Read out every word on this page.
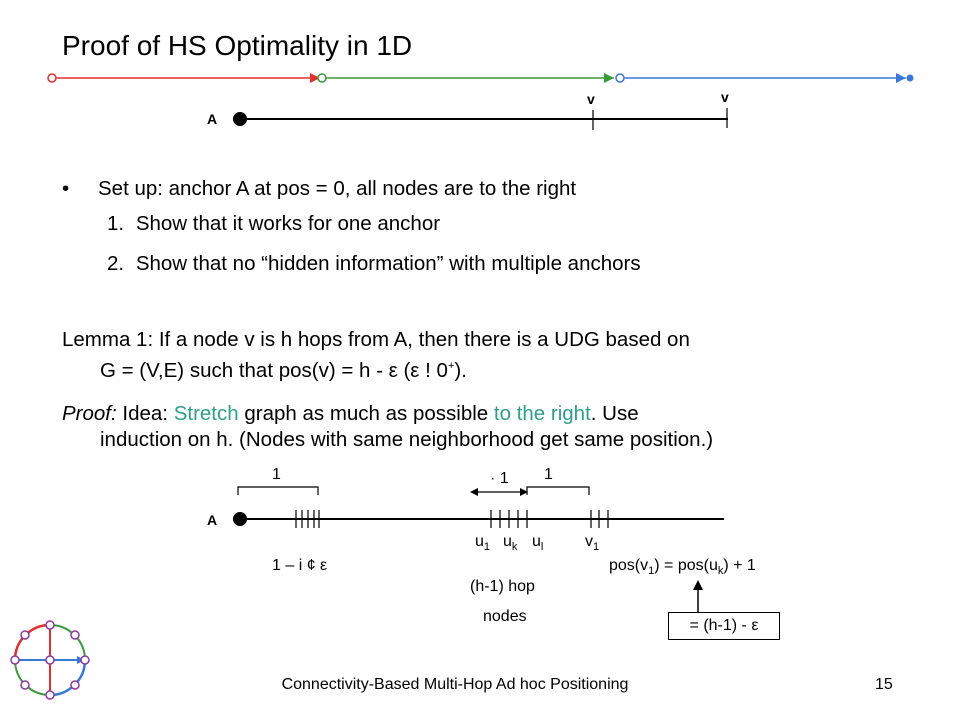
Proof of HS Optimality in 1D
A
v	v
• Set up: anchor A at pos = 0, all nodes are to the right
1. Show that it works for one anchor
2. Show that no “hidden information” with multiple anchors
Lemma 1: If a node v is h hops from A, then there is a UDG based on
G = (V,E) such that pos(v) = h - ε (ε ! 0+).
Proof: Idea: Stretch graph as much as possible to the right. Use
induction on h. (Nodes with same neighborhood get same position.)
A
1	· 1 1
$u_1$ $u_k$ $u_l$	$v_1$
1 – i ¢ ε
(h-1) hop
nodes
$pos(v_1) = pos(u_k) + 1$
= (h-1) - ε
Connectivity-Based Multi-Hop Ad hoc Positioning	15
